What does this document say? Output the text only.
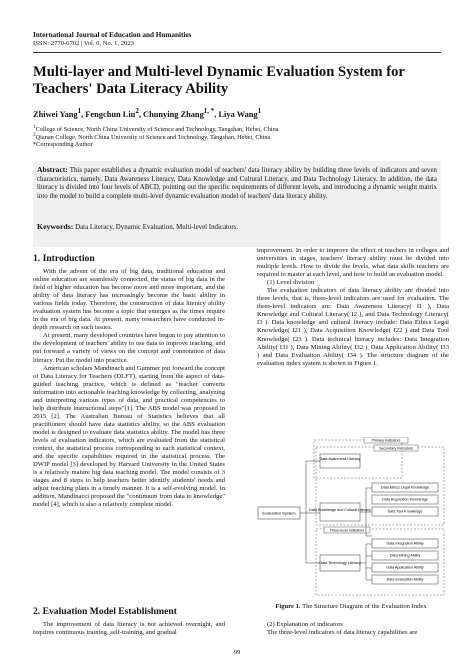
International Journal of Education and Humanities
ISSN: 2770-6702 | Vol. 6, No. 1, 2023
Multi-layer and Multi-level Dynamic Evaluation System for Teachers' Data Literacy Ability
Zhiwei Yang$^1$, Fengchun Liu$^2$, Chunying Zhang$^{1, *}$, Liya Wang$^1$
$^1$College of Science, North China University of Science and Technology, Tangshan, Hebei, China
$^2$Qianan College, North China University of Science and Technology, Tangshan, Hebei, China
*Corresponding Author
Abstract: This paper establishes a dynamic evaluation model of teachers' data literacy ability by building three levels of indicators and seven characteristics, namely, Data Awareness Literacy, Data Knowledge and Cultural Literacy, and Data Technology Literacy. In addition, the data literacy is divided into four levels of ABCD, pointing out the specific requirements of different levels, and introducing a dynamic weight matrix into the model to build a complete multi-level dynamic evaluation model of teachers' data literacy ability.
Keywords: Data Literacy, Dynamic Evaluation, Multi-level Indicators.
1. Introduction

With the advent of the era of big data, traditional education and online education are seamlessly connected, the status of big data in the field of higher education has become more and more important, and the ability of data literacy has increasingly become the basic ability in various fields today. Therefore, the construction of data literacy ability evaluation system has become a topic that emerges as the times require in the era of big data. At present, many researchers have conducted in-depth research on such issues.

At present, many developed countries have begun to pay attention to the development of teachers' ability to use data to improve teaching, and put forward a variety of views on the concept and connotation of data literacy. Put the model into practice.

American scholars Mandinach and Gummer put forward the concept of Data Literacy for Teachers (DLFT), starting from the aspect of data-guided teaching practice, which is defined as "teacher converts information into actionable teaching knowledge by collecting, analyzing and interpreting various types of data, and practical competencies to help distribute instructional steps"[1]. The ABS model was proposed in 2015 [2]. The Australian Bureau of Statistics believes that all practitioners should have data statistics ability, so the ABS evaluation model is designed to evaluate data statistics ability. The model has three levels of evaluation indicators, which are evaluated from the statistical context, the statistical process corresponding to each statistical context, and the specific capabilities required in the statistical process. The DWIP model [3] developed by Harvard University in the United States is a relatively mature big data teaching model. The model consists of 3 stages and 8 steps to help teachers better identify students' needs and adjust teaching plans in a timely manner. It is a self-evolving model. In addition, Mandinacci proposed the "continuum from data to knowledge" model [4], which is also a relatively complete model.

2. Evaluation Model Establishment

The improvement of data literacy is not achieved overnight, and requires continuous training, self-training, and gradual

improvement. In order to improve the effect of teachers in colleges and universities in stages, teachers' literacy ability must be divided into multiple levels. How to divide the levels, what data skills teachers are required to master at each level, and how to build an evaluation model.

(1) Level division

The evaluation indicators of data literacy ability are divided into three levels, that is, three-level indicators are used for evaluation. The three-level indicators are: Data Awareness Literacy( I1 ), Data Knowledge and Cultural Literacy( I2 ), and Data Technology Literacy( I3 ). Data knowledge and cultural literacy include: Data Ethics Legal Knowledge( I21 ), Data Acquisition Knowledge( I22 ) and Data Tool Knowledge( I23 ). Data technical literacy includes: Data Integration Ability( I31 ), Data Mining Ability( I32 ), Data Application Ability( I33 ) and Data Evaluation Ability( I34 ). The structure diagram of the evaluation index system is shown in Figure 1.

Primary Indicators
Secondary Indicators
Three-level Indicators
Evaluation System
Data Awareness Literacy
Data Knowledge and Cultural Literacy
Data Technology Literacy
Data Ethics Legal Knowledge
Data Acquisition Knowledge
Data Tool Knowledge
Data Integration Ability
Data Mining Ability
Data Application Ability
Data Evaluation Ability
Figure 1. The Structure Diagram of the Evaluation Index

(2) Explanation of indicators

The three-level indicators of data literacy capabilities are

99
